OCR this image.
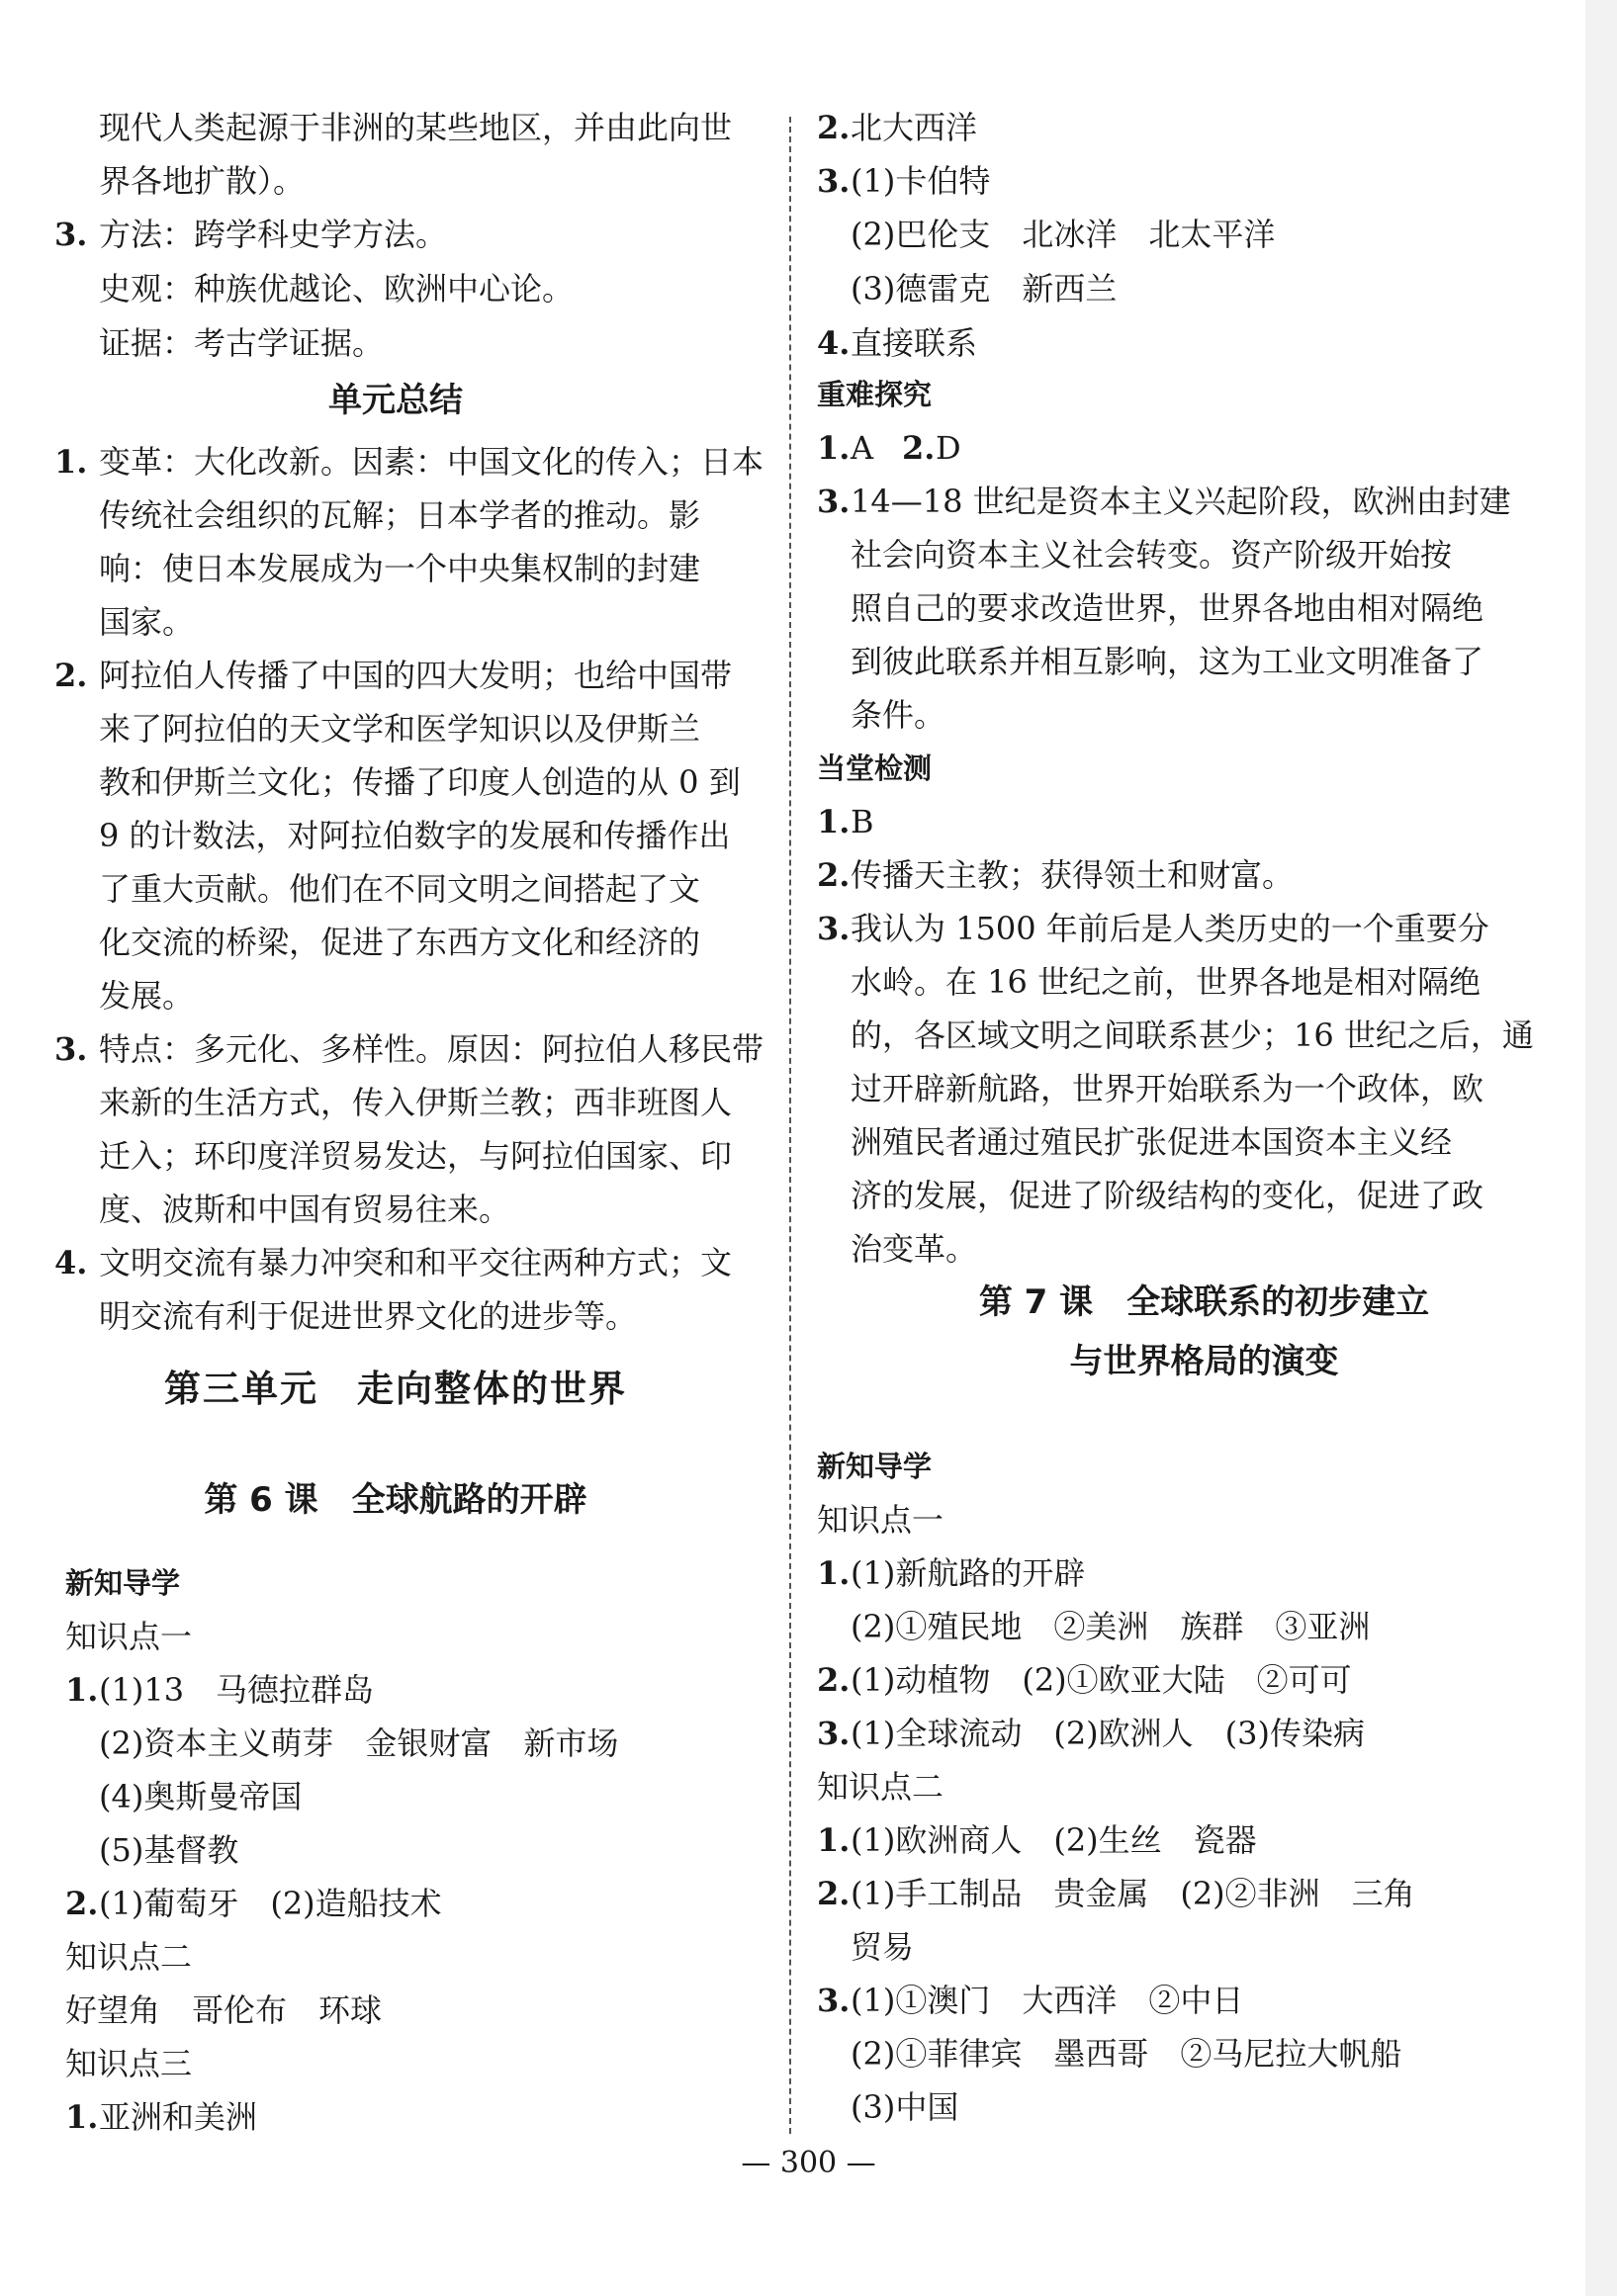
现代人类起源于非洲的某些地区，并由此向世
界各地扩散）。
3. 方法：跨学科史学方法。
史观：种族优越论、欧洲中心论。
证据：考古学证据。
单元总结
1. 变革：大化改新。因素：中国文化的传入；日本
传统社会组织的瓦解；日本学者的推动。影
响：使日本发展成为一个中央集权制的封建
国家。
2. 阿拉伯人传播了中国的四大发明；也给中国带
来了阿拉伯的天文学和医学知识以及伊斯兰
教和伊斯兰文化；传播了印度人创造的从 0 到
9 的计数法，对阿拉伯数字的发展和传播作出
了重大贡献。他们在不同文明之间搭起了文
化交流的桥梁，促进了东西方文化和经济的
发展。
3. 特点：多元化、多样性。原因：阿拉伯人移民带
来新的生活方式，传入伊斯兰教；西非班图人
迁入；环印度洋贸易发达，与阿拉伯国家、印
度、波斯和中国有贸易往来。
4. 文明交流有暴力冲突和和平交往两种方式；文
明交流有利于促进世界文化的进步等。
第三单元　走向整体的世界
第 6 课　全球航路的开辟
新知导学
知识点一
1. (1)13　马德拉群岛
(2)资本主义萌芽　金银财富　新市场
(4)奥斯曼帝国
(5)基督教
2. (1)葡萄牙　(2)造船技术
知识点二
好望角　哥伦布　环球
知识点三
1. 亚洲和美洲
2. 北大西洋
3. (1)卡伯特
(2)巴伦支　北冰洋　北太平洋
(3)德雷克　新西兰
4. 直接联系
重难探究
1. A 2. D
3. 14—18 世纪是资本主义兴起阶段，欧洲由封建
社会向资本主义社会转变。资产阶级开始按
照自己的要求改造世界，世界各地由相对隔绝
到彼此联系并相互影响，这为工业文明准备了
条件。
当堂检测
1. B
2. 传播天主教；获得领土和财富。
3. 我认为 1500 年前后是人类历史的一个重要分
水岭。在 16 世纪之前，世界各地是相对隔绝
的，各区域文明之间联系甚少；16 世纪之后，通
过开辟新航路，世界开始联系为一个政体，欧
洲殖民者通过殖民扩张促进本国资本主义经
济的发展，促进了阶级结构的变化，促进了政
治变革。
第 7 课　全球联系的初步建立
与世界格局的演变
新知导学
知识点一
1. (1)新航路的开辟
(2)①殖民地　②美洲　族群　③亚洲
2. (1)动植物　(2)①欧亚大陆　②可可
3. (1)全球流动　(2)欧洲人　(3)传染病
知识点二
1. (1)欧洲商人　(2)生丝　瓷器
2. (1)手工制品　贵金属　(2)②非洲　三角
贸易
3. (1)①澳门　大西洋　②中日
(2)①菲律宾　墨西哥　②马尼拉大帆船
(3)中国
— 300 —
